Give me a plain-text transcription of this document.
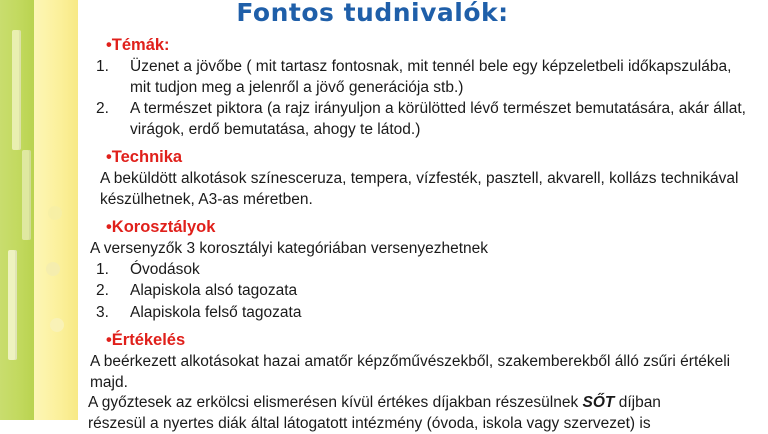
Fontos tudnivalók:
•Témák:
1.	Üzenet a jövőbe ( mit tartasz fontosnak, mit tennél bele egy képzeletbeli időkapszulába, mit tudjon meg a jelenről a jövő generációja stb.)
2.	A természet piktora (a rajz irányuljon a körülötted lévő természet bemutatására, akár állat, virágok, erdő bemutatása, ahogy te látod.)
•Technika

A beküldött alkotások színesceruza, tempera, vízfesték, pasztell, akvarell, kollázs technikával készülhetnek, A3-as méretben.

•Korosztályok

A versenyzők 3 korosztályi kategóriában versenyezhetnek

1.	Óvodások
2.	Alapiskola alsó tagozata
3.	Alapiskola felső tagozata
•Értékelés

A beérkezett alkotásokat hazai amatőr képzőművészekből, szakemberekből álló zsűri értékeli majd.

A győztesek az erkölcsi elismerésen kívül értékes díjakban részesülnek SŐT díjban
részesül a nyertes diák által látogatott intézmény (óvoda, iskola vagy szervezet) is
